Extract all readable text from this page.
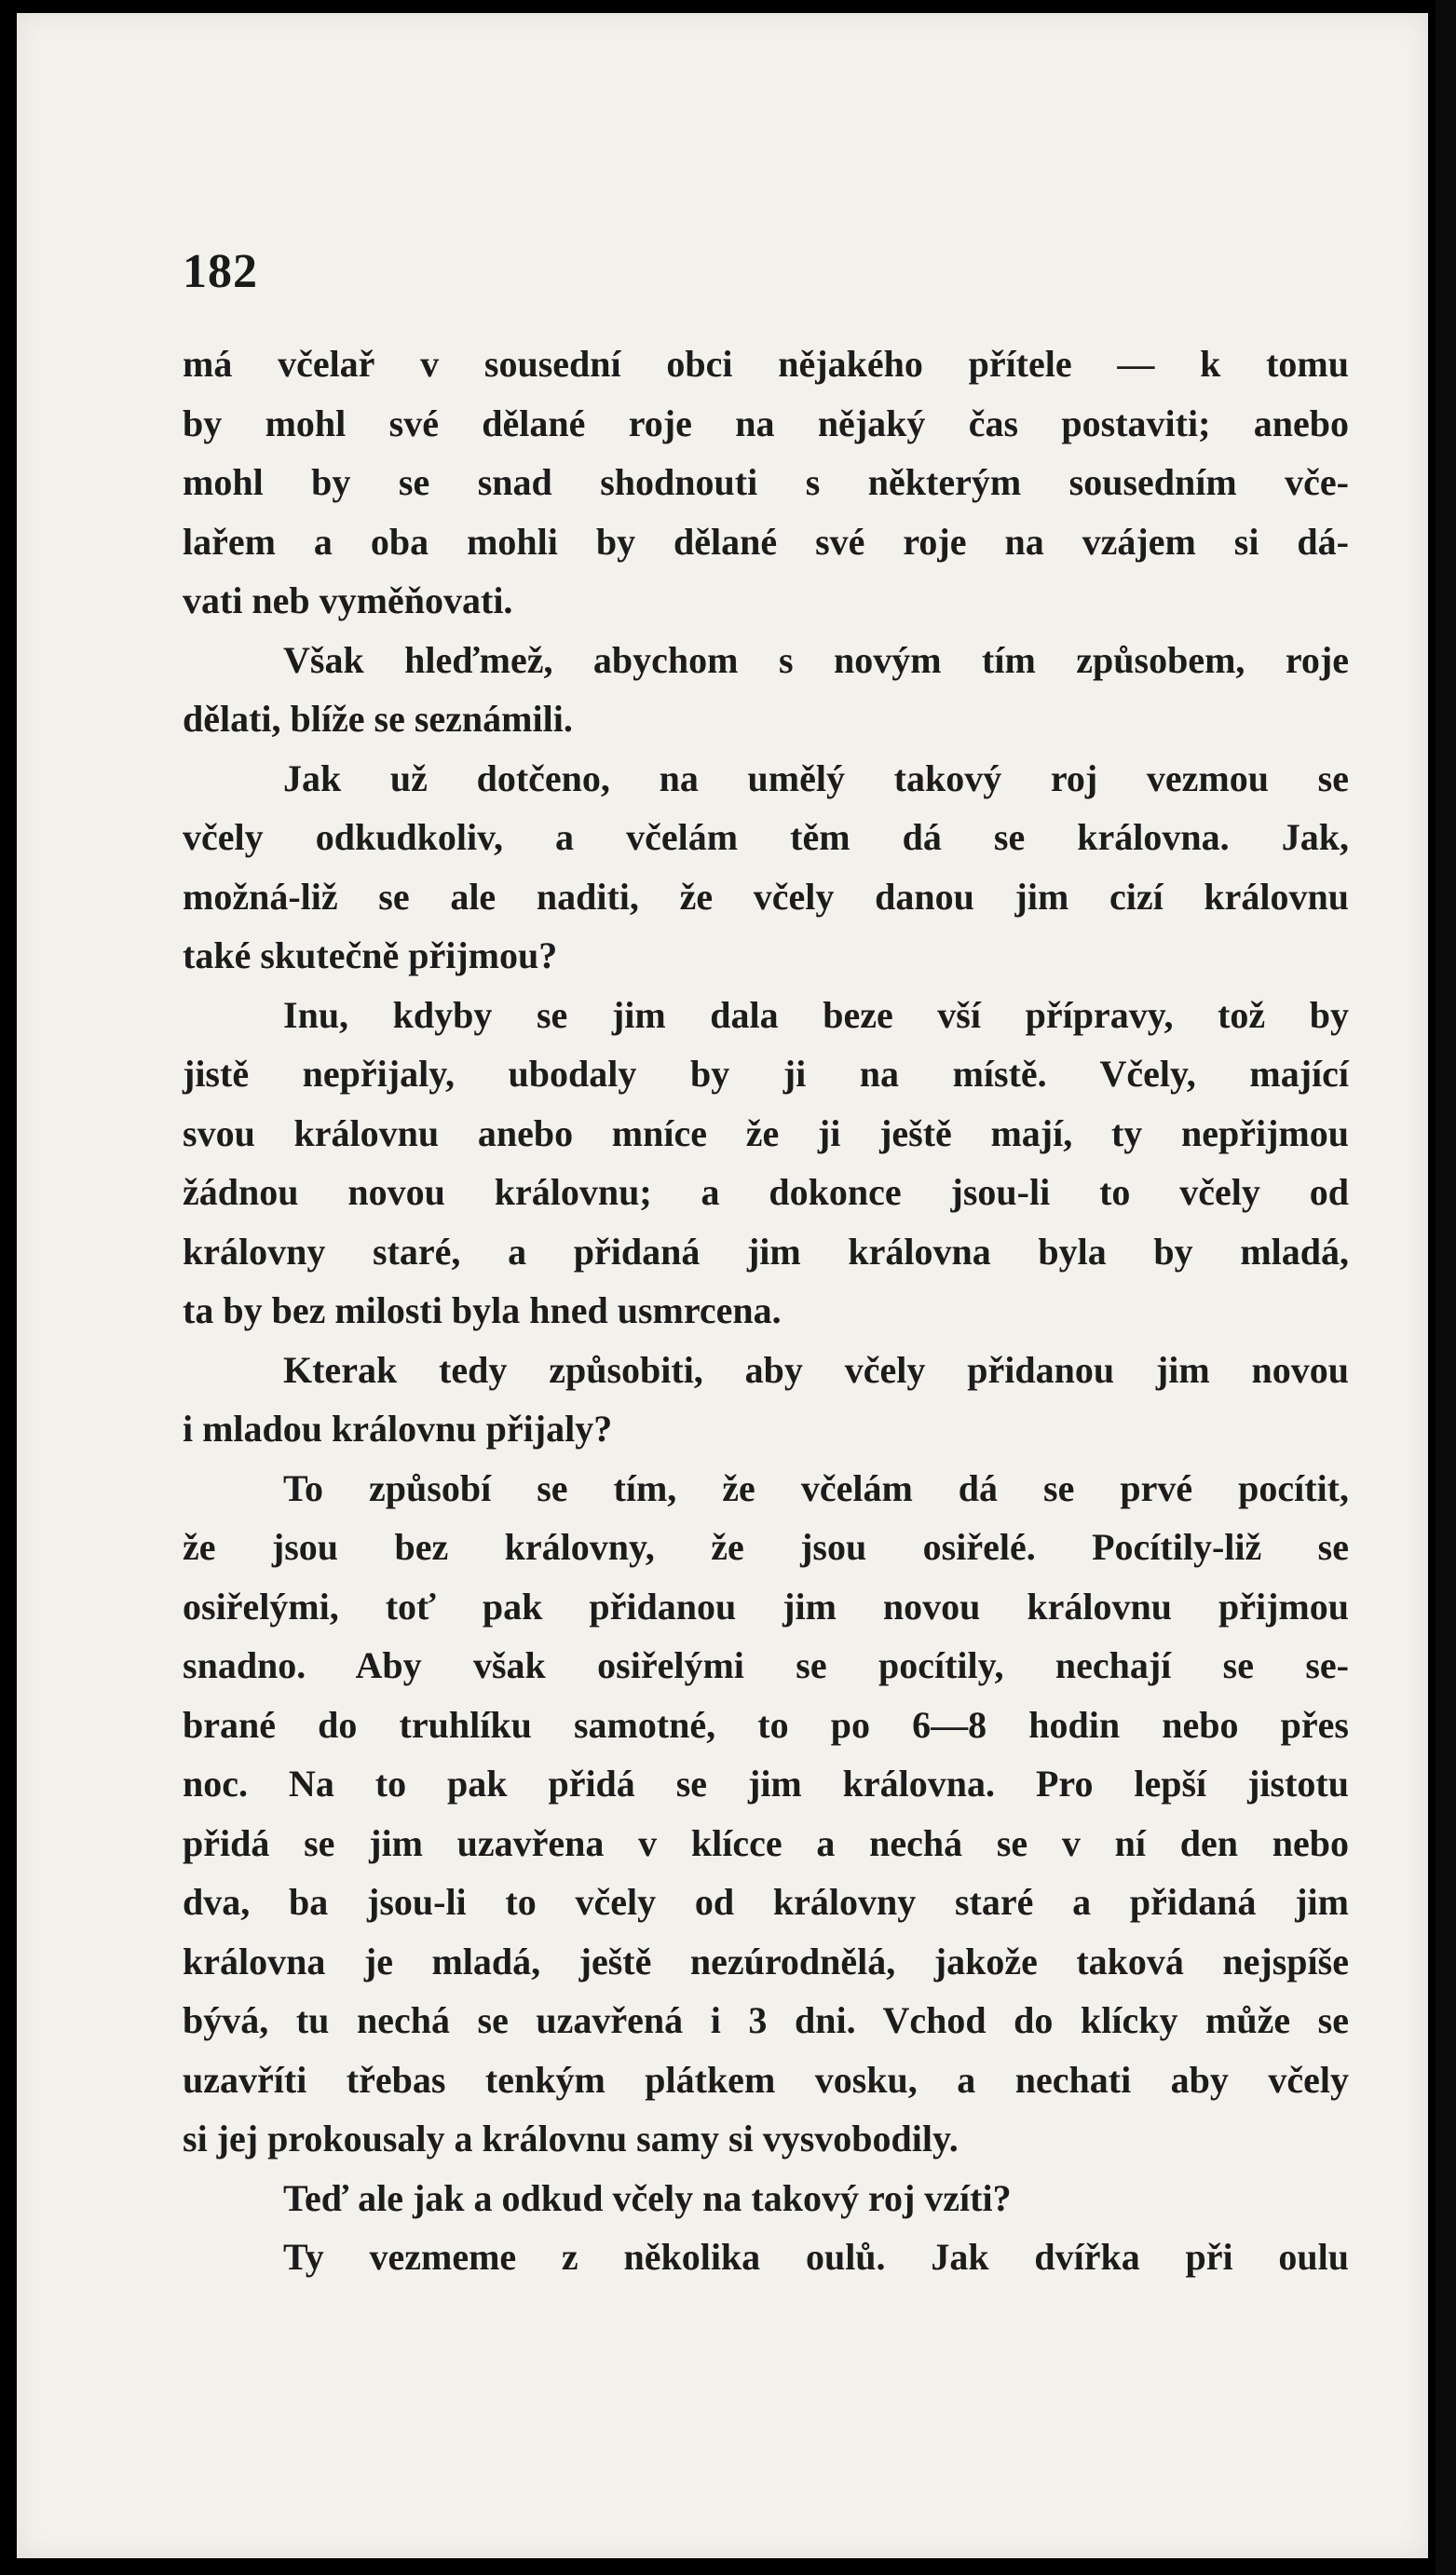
182
má včelař v sousední obci nějakého přítele — k tomu
by mohl své dělané roje na nějaký čas postaviti; anebo
mohl by se snad shodnouti s některým sousedním vče-
lařem a oba mohli by dělané své roje na vzájem si dá-
vati neb vyměňovati.
Však hleďmež, abychom s novým tím způsobem, roje
dělati, blíže se seznámili.
Jak už dotčeno, na umělý takový roj vezmou se
včely odkudkoliv, a včelám těm dá se královna. Jak,
možná-liž se ale naditi, že včely danou jim cizí královnu
také skutečně přijmou?
Inu, kdyby se jim dala beze vší přípravy, tož by
jistě nepřijaly, ubodaly by ji na místě. Včely, mající
svou královnu anebo mníce že ji ještě mají, ty nepřijmou
žádnou novou královnu; a dokonce jsou-li to včely od
královny staré, a přidaná jim královna byla by mladá,
ta by bez milosti byla hned usmrcena.
Kterak tedy způsobiti, aby včely přidanou jim novou
i mladou královnu přijaly?
To způsobí se tím, že včelám dá se prvé pocítit,
že jsou bez královny, že jsou osiřelé. Pocítily-liž se
osiřelými, toť pak přidanou jim novou královnu přijmou
snadno. Aby však osiřelými se pocítily, nechají se se-
brané do truhlíku samotné, to po 6—8 hodin nebo přes
noc. Na to pak přidá se jim královna. Pro lepší jistotu
přidá se jim uzavřena v klícce a nechá se v ní den nebo
dva, ba jsou-li to včely od královny staré a přidaná jim
královna je mladá, ještě nezúrodnělá, jakože taková nejspíše
bývá, tu nechá se uzavřená i 3 dni. Vchod do klícky může se
uzavříti třebas tenkým plátkem vosku, a nechati aby včely
si jej prokousaly a královnu samy si vysvobodily.
Teď ale jak a odkud včely na takový roj vzíti?
Ty vezmeme z několika oulů. Jak dvířka při oulu
